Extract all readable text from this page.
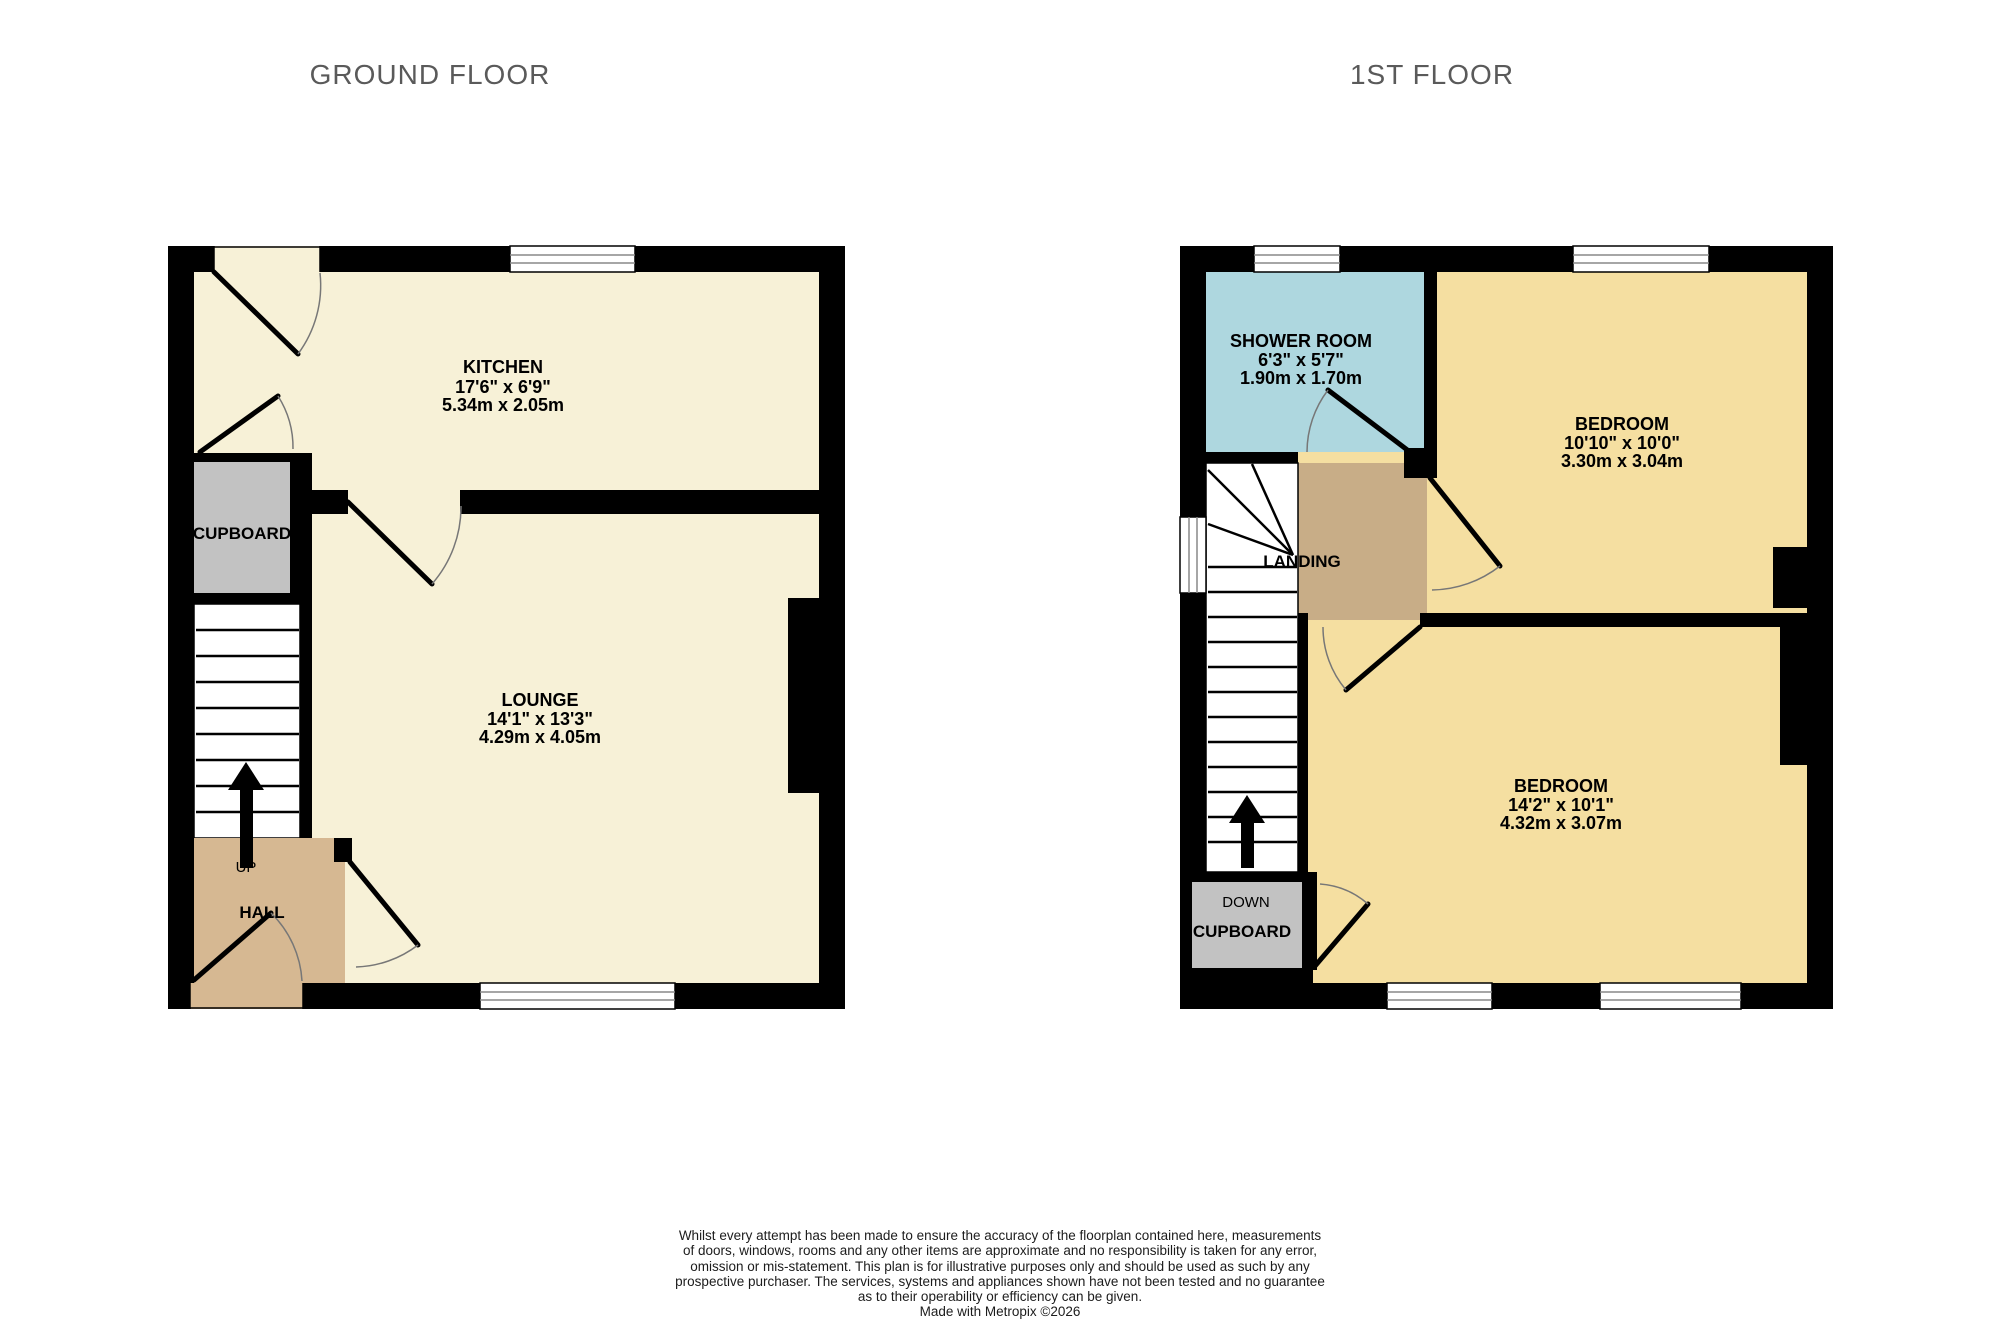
GROUND FLOOR
KITCHEN
17'6" x 6'9"
5.34m x 2.05m
CUPBOARD
LOUNGE
14'1" x 13'3"
4.29m x 4.05m
UP
HALL
1ST FLOOR
SHOWER ROOM
6'3" x 5'7"
1.90m x 1.70m
BEDROOM
10'10" x 10'0"
3.30m x 3.04m
LANDING
BEDROOM
14'2" x 10'1"
4.32m x 3.07m
DOWN
CUPBOARD
Whilst every attempt has been made to ensure the accuracy of the floorplan contained here, measurements
of doors, windows, rooms and any other items are approximate and no responsibility is taken for any error,
omission or mis-statement. This plan is for illustrative purposes only and should be used as such by any
prospective purchaser. The services, systems and appliances shown have not been tested and no guarantee
as to their operability or efficiency can be given.
Made with Metropix ©2026
